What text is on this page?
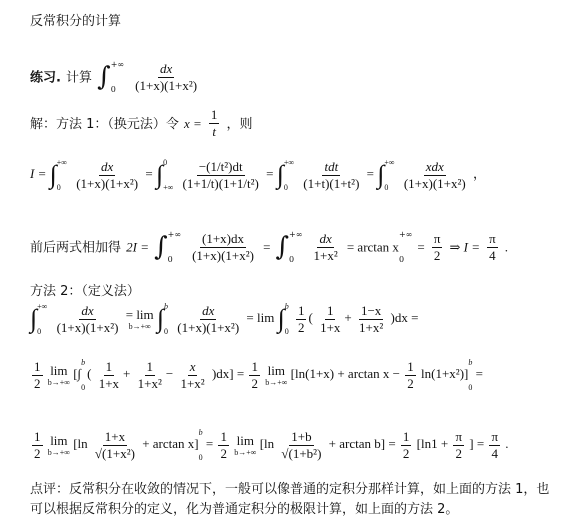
反常积分的计算
练习. 计算 ∫ +∞
0
	$\frac{dx}{\text{(1+x)(1+x²)}}$
解：方法 1：（换元法）令 $x = \frac{1}{t}$ ，则
I = ∫ +∞
0
	$\frac{dx}{\text{(1+x)(1+x²)}}$ = ∫ 0
+∞
$\frac{\text{−(1/t²)dt}}{\text{(1+1/t)(1+1/t²)}}$ = ∫ +∞
0
	$\frac{\text{tdt}}{\text{(1+t)(1+t²)}}$ = ∫ +∞
0
	$\frac{\text{xdx}}{\text{(1+x)(1+x²)}}$ ，
前后两式相加得 2I = ∫ +∞
0
	$\frac{(1+x)dx}{\text{(1+x)(1+x²)}}$ = ∫ +∞
0
	$\frac{dx}{\text{1+x²}} = \arctan x$
+∞
0
= $\frac{\pi}{2}$ ⇒ $I = \frac{\pi}{4}$ .
方法 2：（定义法）
∫ +∞
0
	$\frac{dx}{\text{(1+x)(1+x²)}}$
= lim
b→+∞ ∫ b
0
$\frac{dx}{\text{(1+x)(1+x²)}} = \lim$ ∫ b
0
$\frac{1}{2}$ ( $\frac{1}{1+x} + \frac{1-x}{\text{1+x²}} )dx$ =
$\frac{1}{2}$
lim
b→+∞
[∫
b
0
( $\frac{1}{1+x} + \frac{1}{\text{1+x²}} - \frac{x}{\text{1+x²}} )dx] = \frac{1}{2}$
lim
b→+∞
$[\ln(1+x) + \arctan x - \frac{1}{2} \ln(1+x^2)]$
b
0
=
$\frac{1}{2}$
lim
b→+∞
$[\ln \frac{1+x}{\text{√(1+x²)}} + \arctan x]$
b
0
= $\frac{1}{2}$
lim
b→+∞
$[\ln \frac{1+b}{\text{√(1+b²)}} + \arctan b] = \frac{1}{2} [\ln 1 + \frac{\pi}{2}$ ] = $\frac{\pi}{4}$ .
点评：反常积分在收敛的情况下，一般可以像普通的定积分那样计算，如上面的方法 1，也
可以根据反常积分的定义，化为普通定积分的极限计算，如上面的方法 2。
